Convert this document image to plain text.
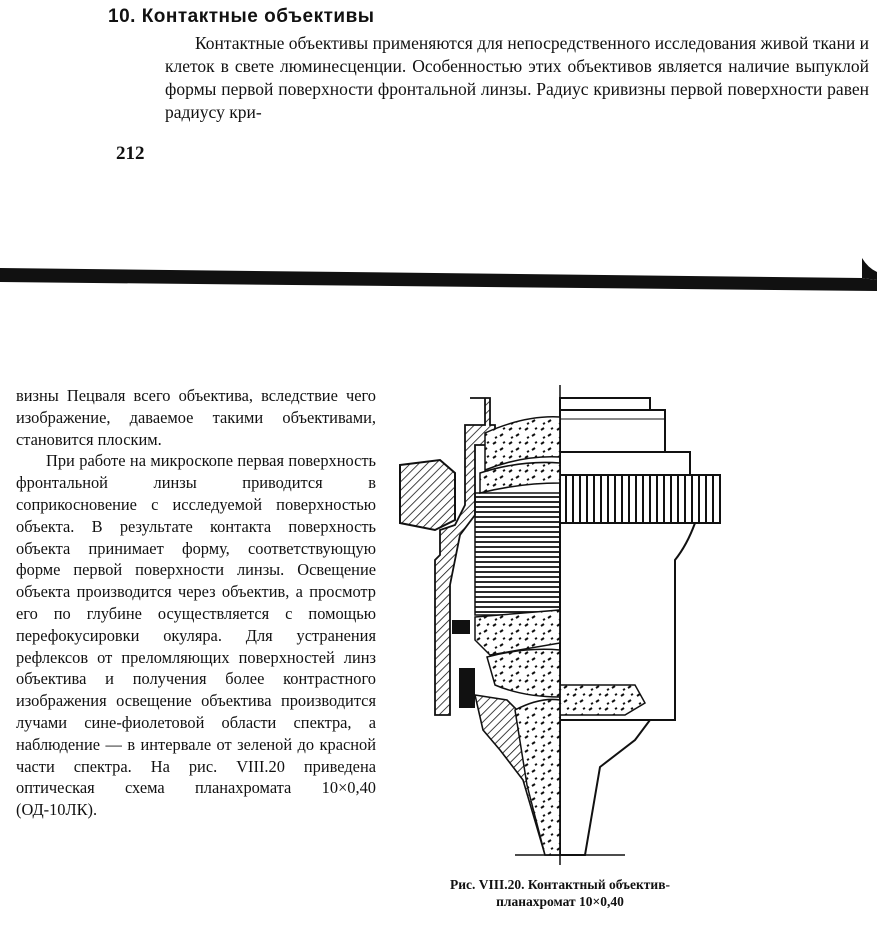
10. Контактные объективы

Контактные объективы применяются для непосредственного исследования живой ткани и клеток в свете люминесценции. Особенностью этих объективов является наличие выпуклой формы первой поверхности фронтальной линзы. Радиус кривизны первой поверхности равен радиусу кри-

212

визны Пецваля всего объектива, вследствие чего изображение, даваемое такими объективами, становится плоским.

При работе на микроскопе первая поверхность фронтальной линзы приводится в соприкосновение с исследуемой поверхностью объекта. В результате контакта поверхность объекта принимает форму, соответствующую форме первой поверхности линзы. Освещение объекта производится через объектив, а просмотр его по глубине осуществляется с помощью перефокусировки окуляра. Для устранения рефлексов от преломляющих поверхностей линз объектива и получения более контрастного изображения освещение объектива производится лучами сине-фиолетовой области спектра, а наблюдение — в интервале от зеленой до красной части спектра. На рис. VIII.20 приведена оптическая схема планахромата 10×0,40 (ОД-10ЛК).

Рис. VIII.20. Контактный объектив-
планахромат 10×0,40
